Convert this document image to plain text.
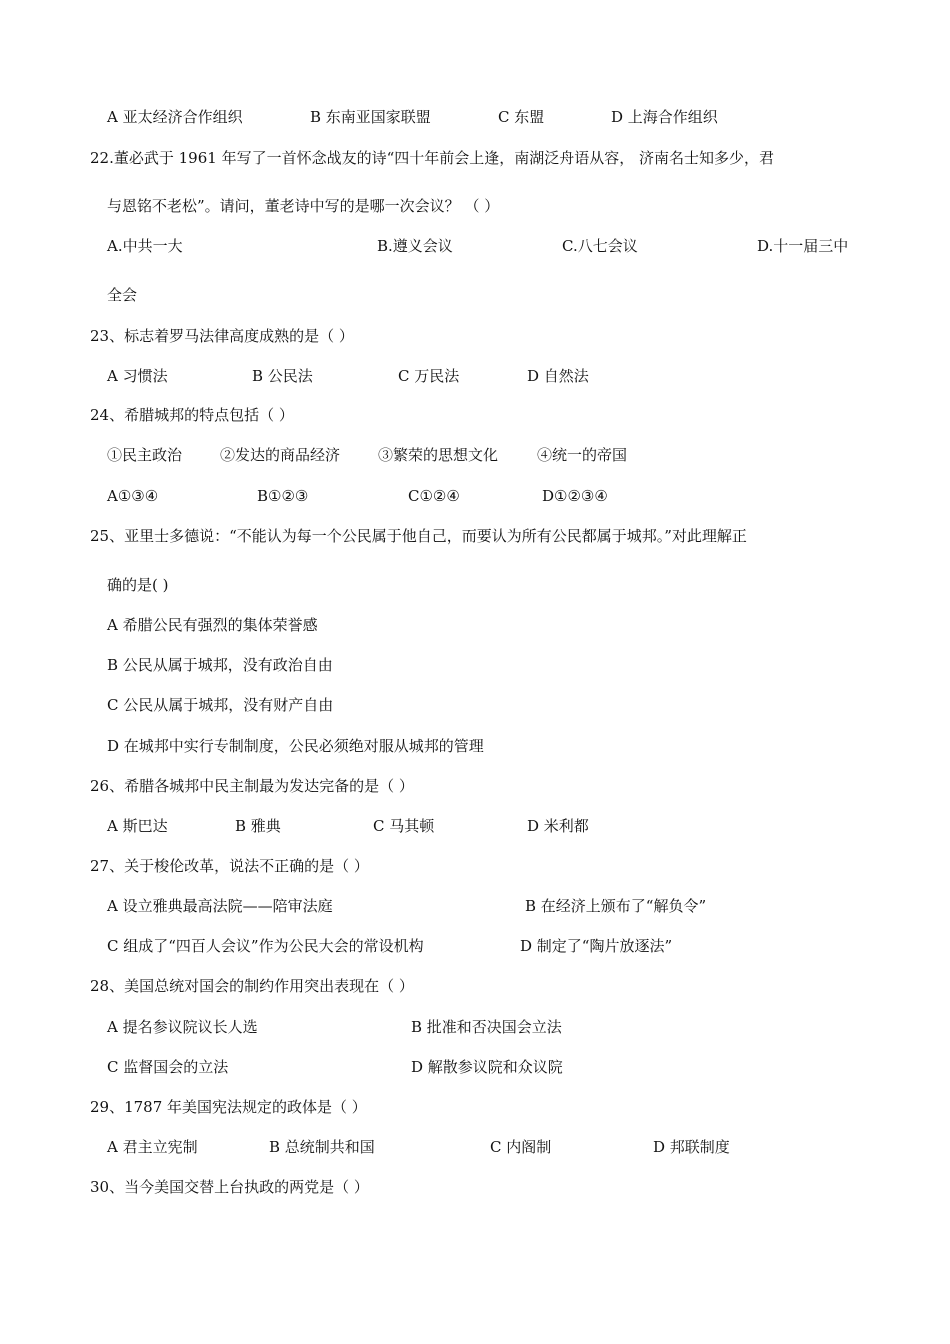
A 亚太经济合作组织	B 东南亚国家联盟	C 东盟	D 上海合作组织
22.董必武于 1961 年写了一首怀念战友的诗“四十年前会上逢，南湖泛舟语从容， 济南名士知多少，君
与恩铭不老松”。请问，董老诗中写的是哪一次会议？ （ ）
A.中共一大	B.遵义会议	C.八七会议	D.十一届三中
全会
23、标志着罗马法律高度成熟的是（ ）
A 习惯法	B 公民法	C 万民法	D 自然法
24、希腊城邦的特点包括（ ）
①民主政治	②发达的商品经济	③繁荣的思想文化	④统一的帝国
A①③④	B①②③	C①②④	D①②③④
25、亚里士多德说：“不能认为每一个公民属于他自己，而要认为所有公民都属于城邦。”对此理解正
确的是( )
A 希腊公民有强烈的集体荣誉感
B 公民从属于城邦，没有政治自由
C 公民从属于城邦，没有财产自由
D 在城邦中实行专制制度，公民必须绝对服从城邦的管理
26、希腊各城邦中民主制最为发达完备的是（ ）
A 斯巴达	B 雅典	C 马其顿	D 米利都
27、关于梭伦改革，说法不正确的是（ ）
A 设立雅典最高法院——陪审法庭	B 在经济上颁布了“解负令”
C 组成了“四百人会议”作为公民大会的常设机构	D 制定了“陶片放逐法”
28、美国总统对国会的制约作用突出表现在（ ）
A 提名参议院议长人选	B 批准和否决国会立法
C 监督国会的立法	D 解散参议院和众议院
29、1787 年美国宪法规定的政体是（ ）
A 君主立宪制	B 总统制共和国	C 内阁制	D 邦联制度
30、当今美国交替上台执政的两党是（ ）
